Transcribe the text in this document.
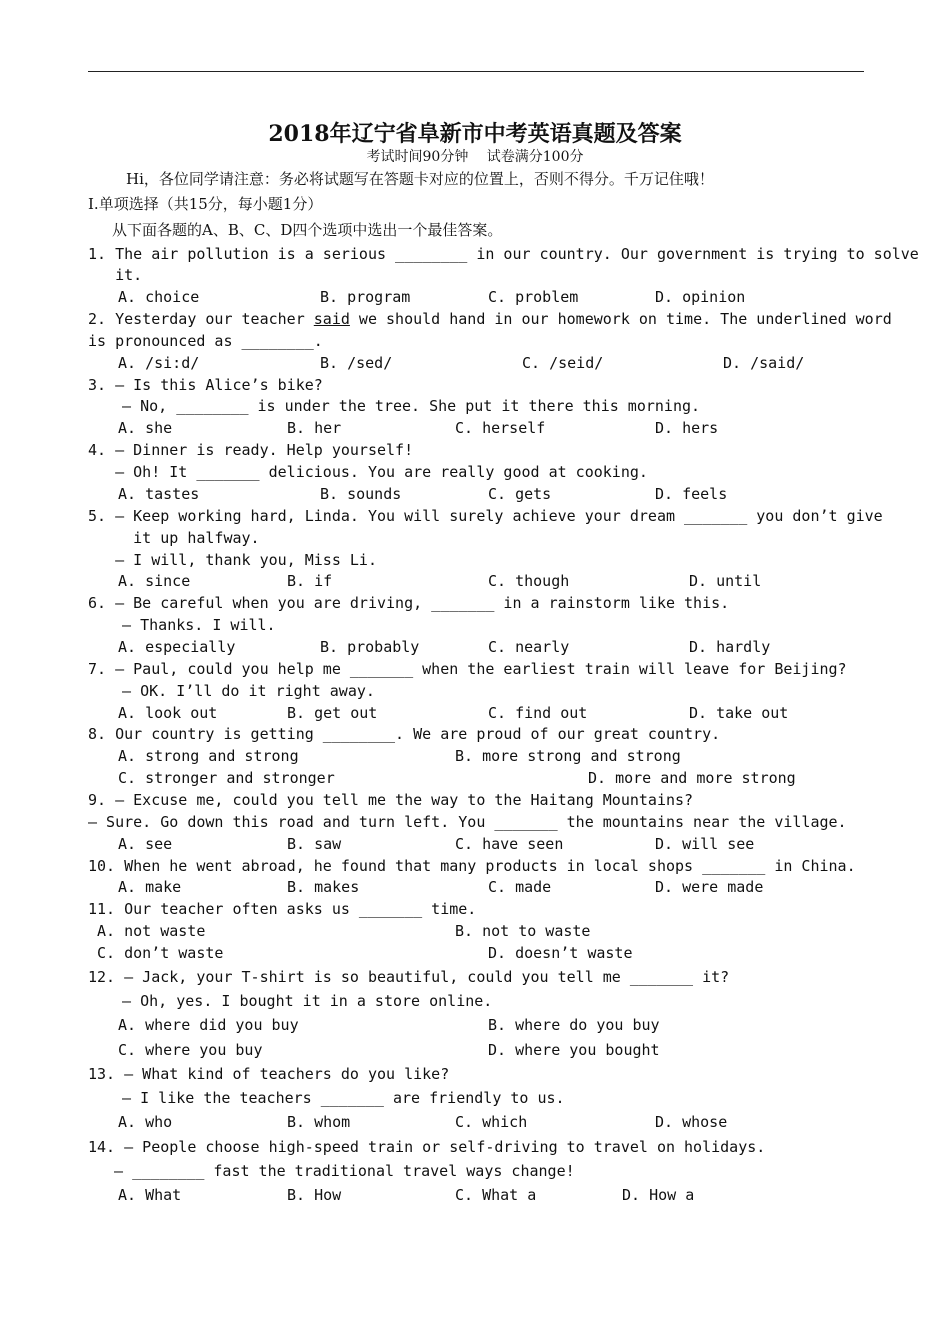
2018年辽宁省阜新市中考英语真题及答案
考试时间90分钟　 试卷满分100分
Hi，各位同学请注意：务必将试题写在答题卡对应的位置上，否则不得分。千万记住哦！
Ⅰ.单项选择（共15分，每小题1分）
从下面各题的A、B、C、D四个选项中选出一个最佳答案。
1. The air pollution is a serious ________ in our country. Our government is trying to solve
it.
A. choice	B. program	C. problem	D. opinion
2. Yesterday our teacher said we should hand in our homework on time. The underlined word
is pronounced as ________.
A. /si:d/	B. /sed/	C. /seid/	D. /said/
3. – Is this Alice’s bike?
– No, ________ is under the tree. She put it there this morning.
A. she	B. her	C. herself	D. hers
4. – Dinner is ready. Help yourself!
– Oh! It _______ delicious. You are really good at cooking.
A. tastes	B. sounds	C. gets	D. feels
5. – Keep working hard, Linda. You will surely achieve your dream _______ you don’t give
it up halfway.
– I will, thank you, Miss Li.
A. since	B. if	C. though	D. until
6. – Be careful when you are driving, _______ in a rainstorm like this.
– Thanks. I will.
A. especially	B. probably	C. nearly	D. hardly
7. – Paul, could you help me _______ when the earliest train will leave for Beijing?
– OK. I’ll do it right away.
A. look out	B. get out	C. find out	D. take out
8. Our country is getting ________. We are proud of our great country.
A. strong and strong	B. more strong and strong
C. stronger and stronger	D. more and more strong
9. – Excuse me, could you tell me the way to the Haitang Mountains?
– Sure. Go down this road and turn left. You _______ the mountains near the village.
A. see	B. saw	C. have seen	D. will see
10. When he went abroad, he found that many products in local shops _______ in China.
A. make	B. makes	C. made	D. were made
11. Our teacher often asks us _______ time.
A. not waste	B. not to waste
C. don’t waste	D. doesn’t waste
12. – Jack, your T-shirt is so beautiful, could you tell me _______ it?
– Oh, yes. I bought it in a store online.
A. where did you buy	B. where do you buy
C. where you buy	D. where you bought
13. – What kind of teachers do you like?
– I like the teachers _______ are friendly to us.
A. who	B. whom	C. which	D. whose
14. – People choose high-speed train or self-driving to travel on holidays.
– ________ fast the traditional travel ways change!
A. What	B. How	C. What a	D. How a
